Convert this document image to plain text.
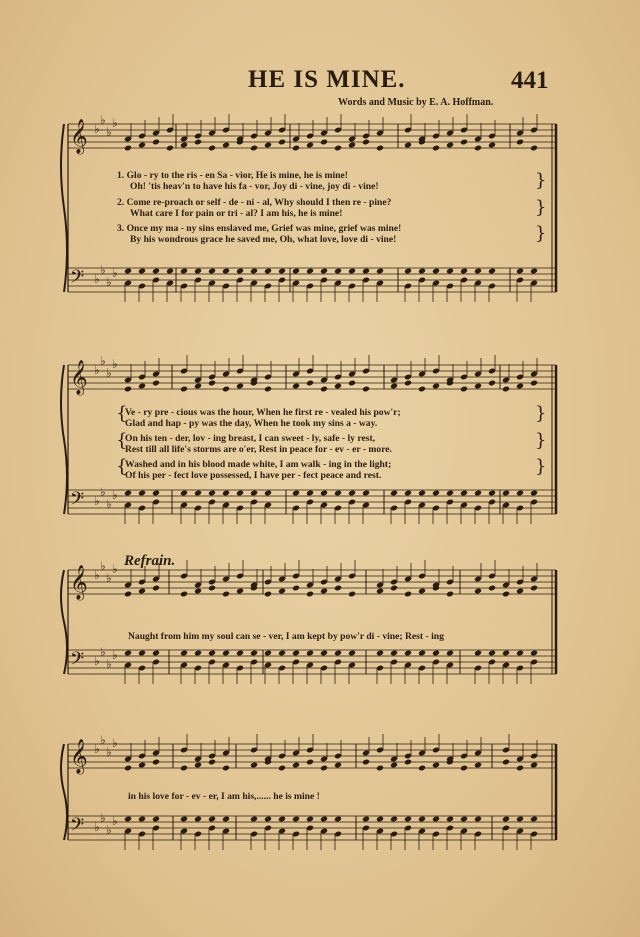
HE IS MINE.	441
Words and Music by E. A. Hoffman.
Refrain.
1. Glo - ry to the ris - en Sa - vior, He is mine, he is mine!
Oh! 'tis heav'n to have his fa - vor, Joy di - vine, joy di - vine!
2. Come re-proach or self - de - ni - al, Why should I then re - pine?
What care I for pain or tri - al? I am his, he is mine!
3. Once my ma - ny sins enslaved me, Grief was mine, grief was mine!
By his wondrous grace he saved me, Oh, what love, love di - vine!
}
}
}
{
{
{
Ve - ry pre - cious was the hour, When he first re - vealed his pow'r;
Glad and hap - py was the day, When he took my sins a - way.
On his ten - der, lov - ing breast, I can sweet - ly, safe - ly rest,
Rest till all life's storms are o'er, Rest in peace for - ev - er - more.
Washed and in his blood made white, I am walk - ing in the light;
Of his per - fect love possessed, I have per - fect peace and rest.
}
}
}
Naught from him my soul can se - ver, I am kept by pow'r di - vine; Rest - ing
in his love for - ev - er, I am his,...... he is mine !
𝄞
𝄢
♭
♭
♭
♭
♭
♭
♭
♭
𝄞
𝄢
♭
♭
♭
♭
♭
♭
♭
♭
𝄞
𝄢
♭
♭
♭
♭
♭
♭
♭
♭
𝄞
𝄢
♭
♭
♭
♭
♭
♭
♭
♭
